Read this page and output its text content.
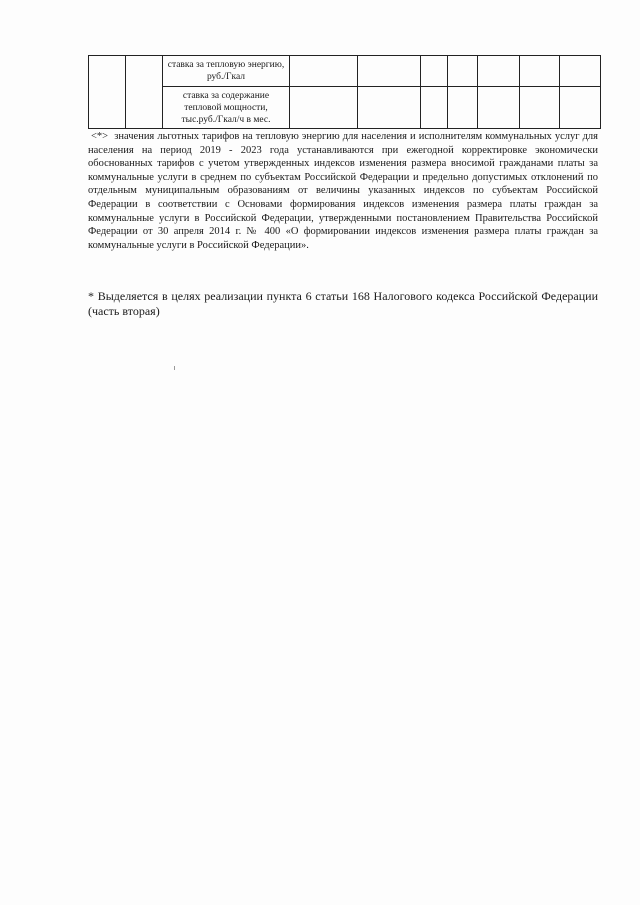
		ставка за тепловую энергию, руб./Гкал							
		ставка за содержание тепловой мощности, тыс.руб./Гкал/ч в мес.							

<*> значения льготных тарифов на тепловую энергию для населения и исполнителям коммунальных услуг для населения на период 2019 - 2023 года устанавливаются при ежегодной корректировке экономически обоснованных тарифов с учетом утвержденных индексов изменения размера вносимой гражданами платы за коммунальные услуги в среднем по субъектам Российской Федерации и предельно допустимых отклонений по отдельным муниципальным образованиям от величины указанных индексов по субъектам Российской Федерации в соответствии с Основами формирования индексов изменения размера платы граждан за коммунальные услуги в Российской Федерации, утвержденными постановлением Правительства Российской Федерации от 30 апреля 2014 г. № 400 «О формировании индексов изменения размера платы граждан за коммунальные услуги в Российской Федерации».

* Выделяется в целях реализации пункта 6 статьи 168 Налогового кодекса Российской Федерации (часть вторая)
